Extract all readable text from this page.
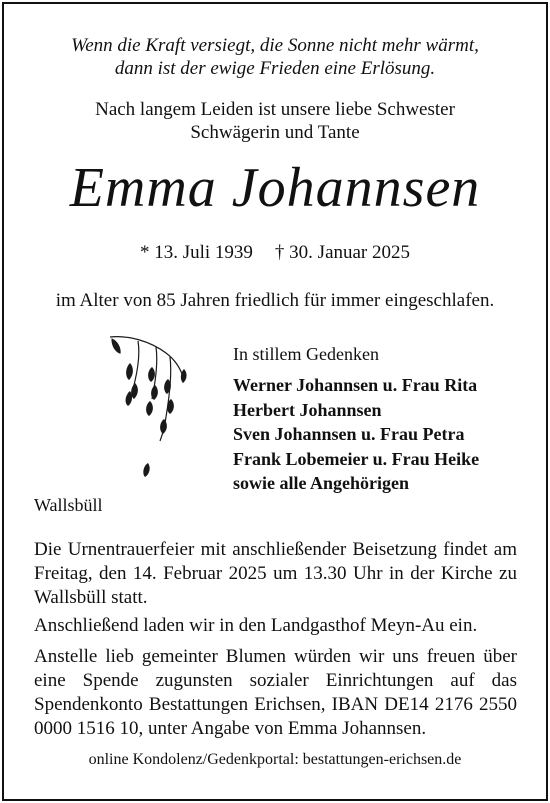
Wenn die Kraft versiegt, die Sonne nicht mehr wärmt,
dann ist der ewige Frieden eine Erlösung.
Nach langem Leiden ist unsere liebe Schwester
Schwägerin und Tante
Emma Johannsen
* 13. Juli 1939 † 30. Januar 2025
im Alter von 85 Jahren friedlich für immer eingeschlafen.
In stillem Gedenken
Werner Johannsen u. Frau Rita
Herbert Johannsen
Sven Johannsen u. Frau Petra
Frank Lobemeier u. Frau Heike
sowie alle Angehörigen
Wallsbüll
Die Urnentrauerfeier mit anschließender Beisetzung findet am Freitag, den 14. Februar 2025 um 13.30 Uhr in der Kirche zu Wallsbüll statt.
Anschließend laden wir in den Landgasthof Meyn-Au ein.
Anstelle lieb gemeinter Blumen würden wir uns freuen über eine Spende zugunsten sozialer Einrichtungen auf das Spendenkonto Bestattungen Erichsen, IBAN DE14 2176 2550 0000 1516 10, unter Angabe von Emma Johannsen.
online Kondolenz/Gedenkportal: bestattungen-erichsen.de
